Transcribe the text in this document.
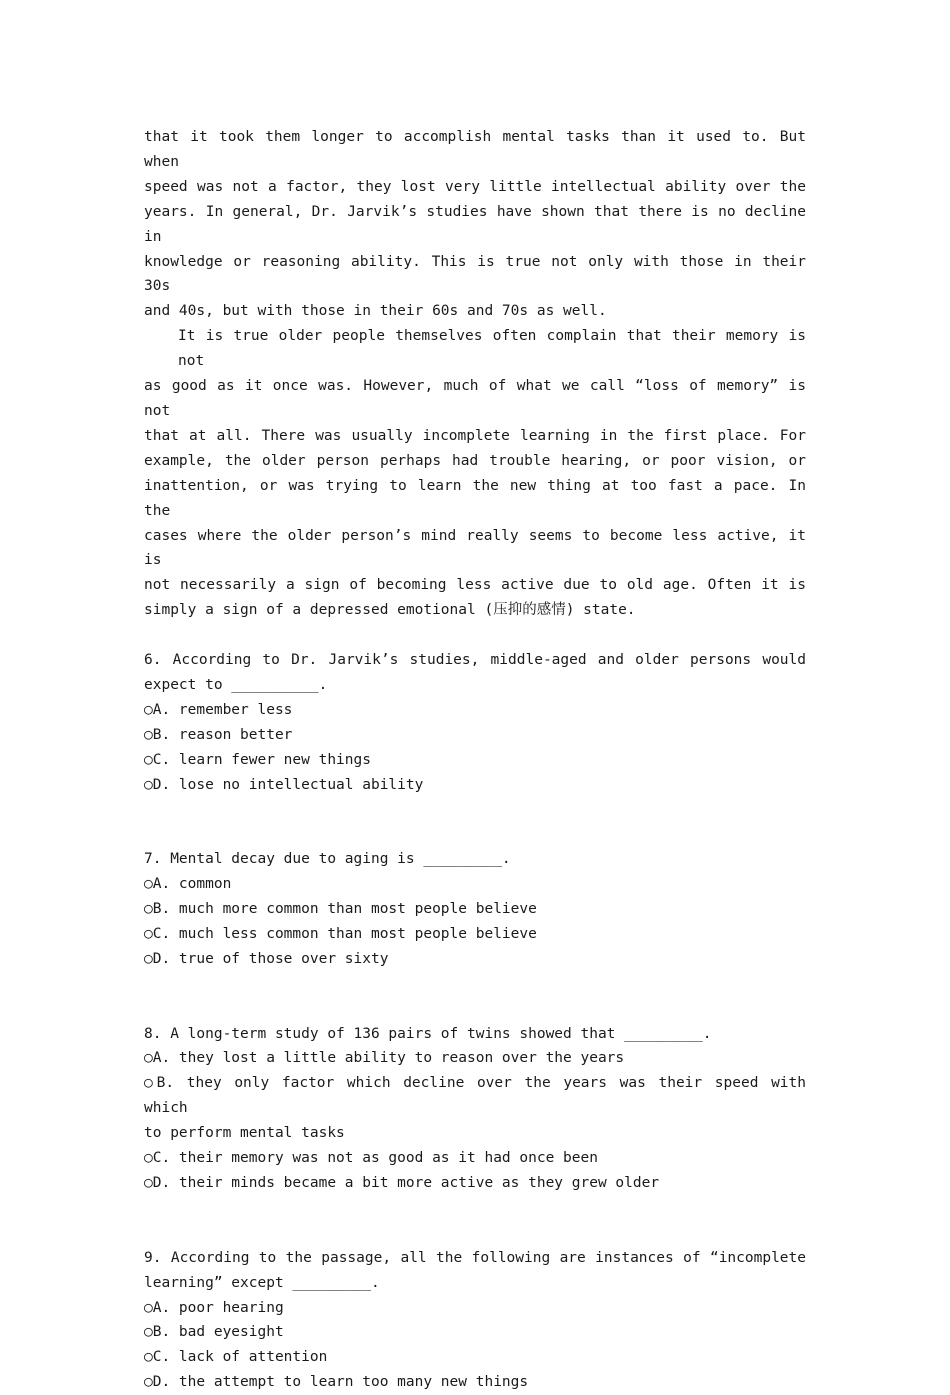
that it took them longer to accomplish mental tasks than it used to. But when
speed was not a factor, they lost very little intellectual ability over the
years. In general, Dr. Jarvik’s studies have shown that there is no decline in
knowledge or reasoning ability. This is true not only with those in their 30s
and 40s, but with those in their 60s and 70s as well.
It is true older people themselves often complain that their memory is not
as good as it once was. However, much of what we call “loss of memory” is not
that at all. There was usually incomplete learning in the first place. For
example, the older person perhaps had trouble hearing, or poor vision, or
inattention, or was trying to learn the new thing at too fast a pace. In the
cases where the older person’s mind really seems to become less active, it is
not necessarily a sign of becoming less active due to old age. Often it is
simply a sign of a depressed emotional (压抑的感情) state.
6. According to Dr. Jarvik’s studies, middle-aged and older persons would
expect to __________.
○A. remember less
○B. reason better
○C. learn fewer new things
○D. lose no intellectual ability
7. Mental decay due to aging is _________.
○A. common
○B. much more common than most people believe
○C. much less common than most people believe
○D. true of those over sixty
8. A long-term study of 136 pairs of twins showed that _________.
○A. they lost a little ability to reason over the years
○B. they only factor which decline over the years was their speed with which
to perform mental tasks
○C. their memory was not as good as it had once been
○D. their minds became a bit more active as they grew older
9. According to the passage, all the following are instances of “incomplete
learning” except _________.
○A. poor hearing
○B. bad eyesight
○C. lack of attention
○D. the attempt to learn too many new things
